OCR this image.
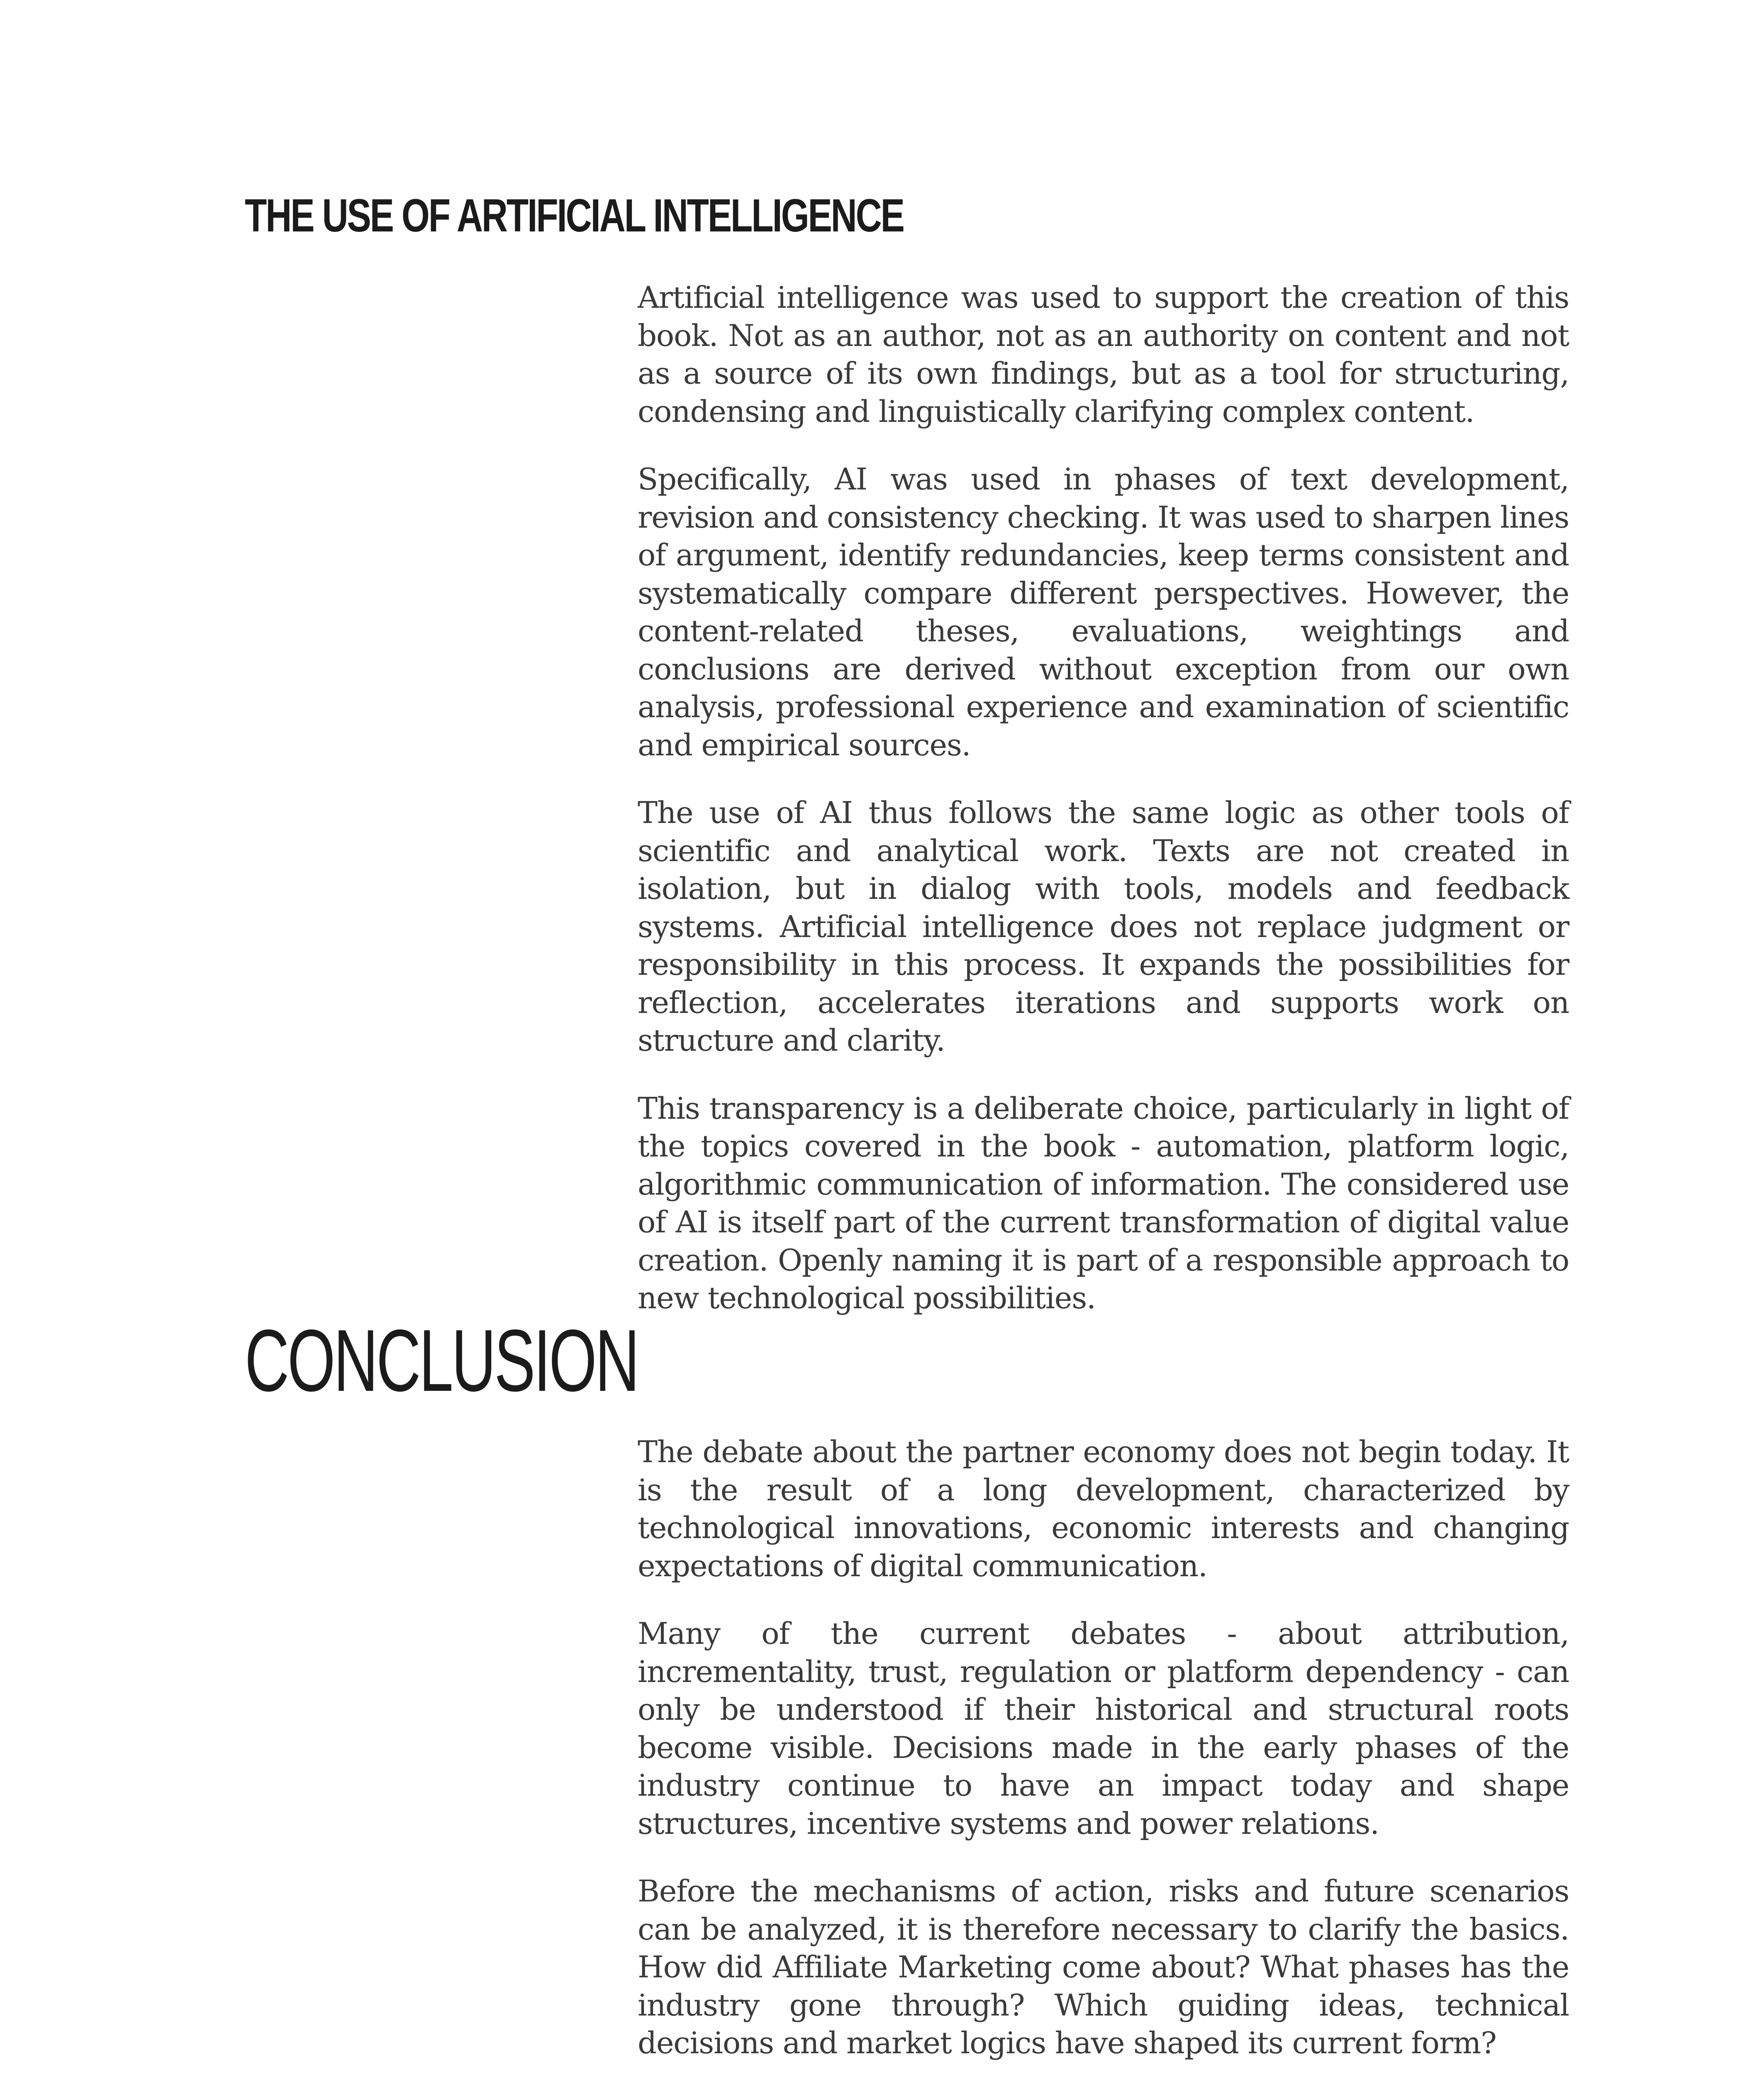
THE USE OF ARTIFICIAL INTELLIGENCE

Artificial intelligence was used to support the creation of this book. Not as an author, not as an authority on content and not as a source of its own findings, but as a tool for structuring, condensing and linguistically clarifying complex content.

Specifically, AI was used in phases of text development, revision and consistency checking. It was used to sharpen lines of argument, identify redundancies, keep terms consistent and systematically compare different perspectives. However, the content-related theses, evaluations, weightings and conclusions are derived without exception from our own analysis, professional experience and examination of scientific and empirical sources.

The use of AI thus follows the same logic as other tools of scientific and analytical work. Texts are not created in isolation, but in dialog with tools, models and feedback systems. Artificial intelligence does not replace judgment or responsibility in this process. It expands the possibilities for reflection, accelerates iterations and supports work on structure and clarity.

This transparency is a deliberate choice, particularly in light of the topics covered in the book - automation, platform logic, algorithmic communication of information. The considered use of AI is itself part of the current transformation of digital value creation. Openly naming it is part of a responsible approach to new technological possibilities.

CONCLUSION

The debate about the partner economy does not begin today. It is the result of a long development, characterized by technological innovations, economic interests and changing expectations of digital communication.

Many of the current debates - about attribution, incrementality, trust, regulation or platform dependency - can only be understood if their historical and structural roots become visible. Decisions made in the early phases of the industry continue to have an impact today and shape structures, incentive systems and power relations.

Before the mechanisms of action, risks and future scenarios can be analyzed, it is therefore necessary to clarify the basics. How did Affiliate Marketing come about? What phases has the industry gone through? Which guiding ideas, technical decisions and market logics have shaped its current form?
